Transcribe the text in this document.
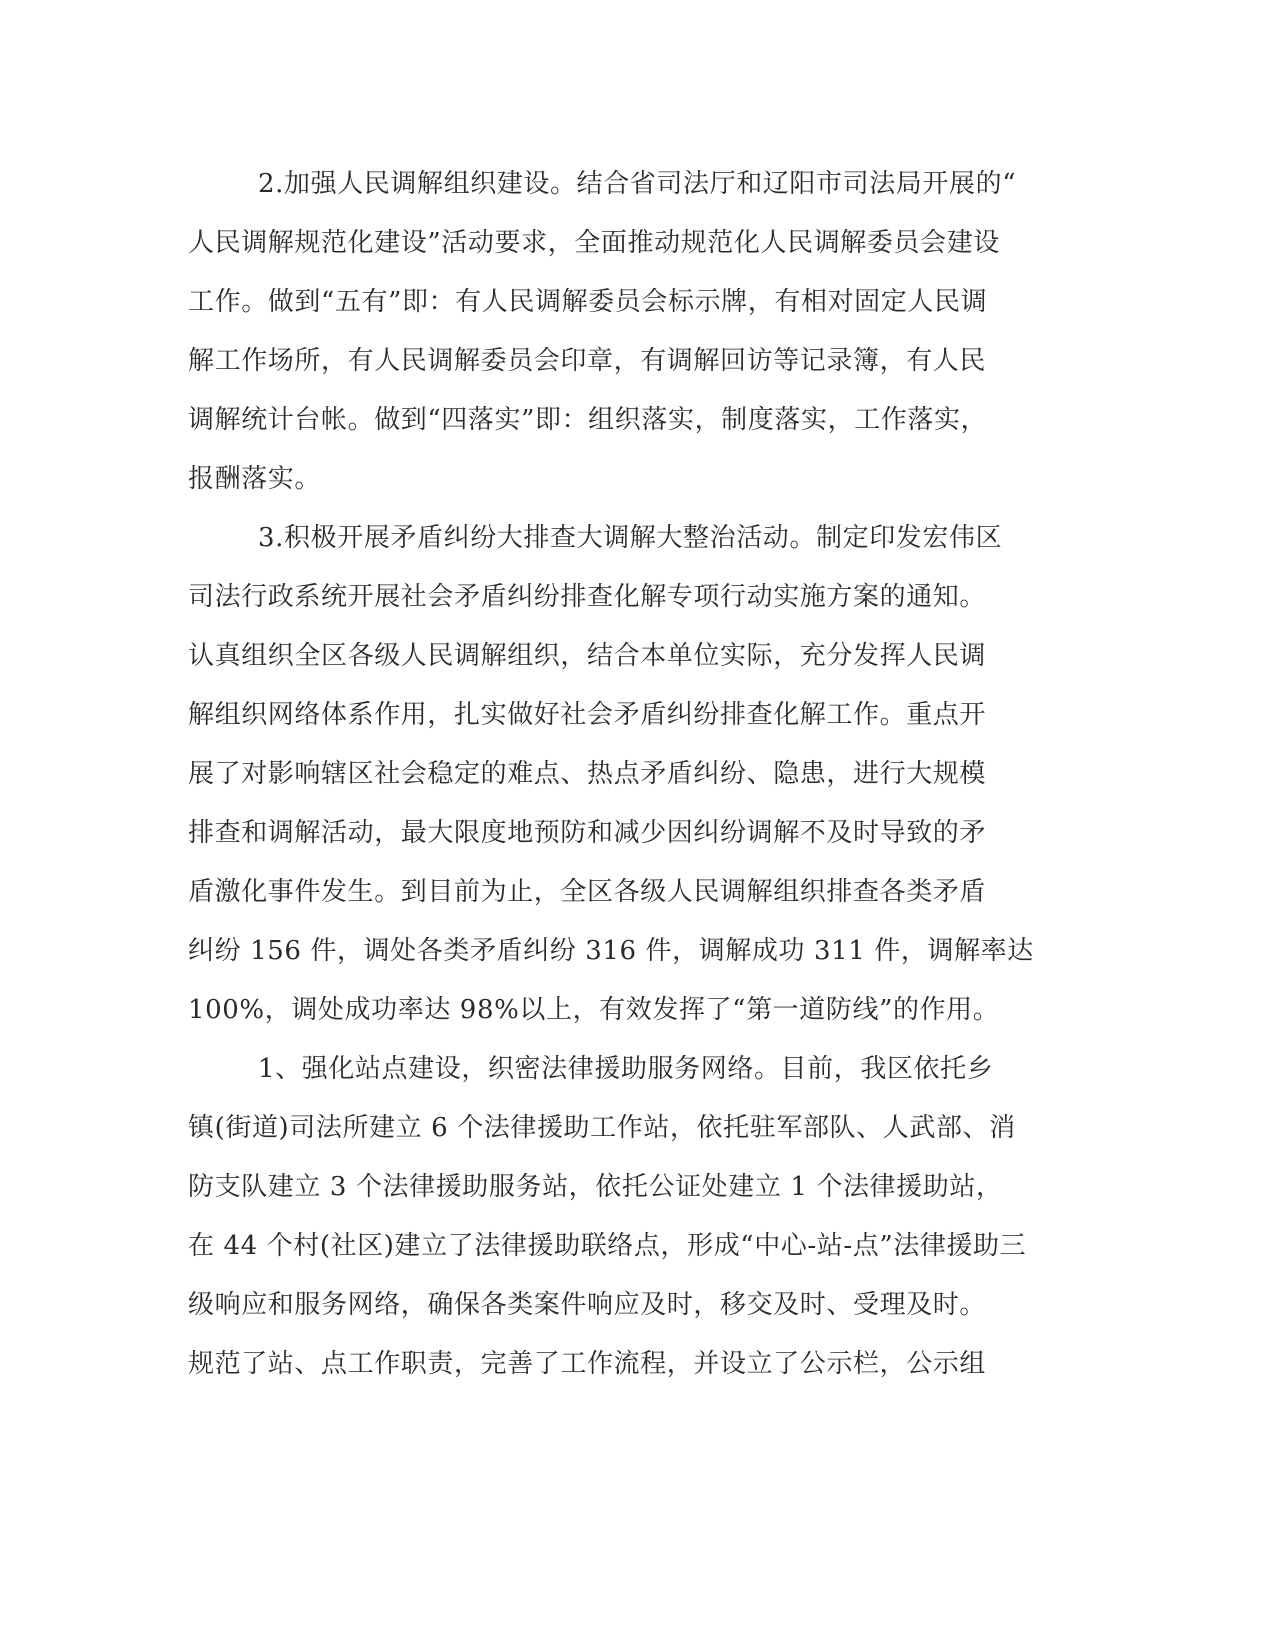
2.加强人民调解组织建设。结合省司法厅和辽阳市司法局开展的“
人民调解规范化建设”活动要求，全面推动规范化人民调解委员会建设
工作。做到“五有”即：有人民调解委员会标示牌，有相对固定人民调
解工作场所，有人民调解委员会印章，有调解回访等记录簿，有人民
调解统计台帐。做到“四落实”即：组织落实，制度落实，工作落实，
报酬落实。
3.积极开展矛盾纠纷大排查大调解大整治活动。制定印发宏伟区
司法行政系统开展社会矛盾纠纷排查化解专项行动实施方案的通知。
认真组织全区各级人民调解组织，结合本单位实际，充分发挥人民调
解组织网络体系作用，扎实做好社会矛盾纠纷排查化解工作。重点开
展了对影响辖区社会稳定的难点、热点矛盾纠纷、隐患，进行大规模
排查和调解活动，最大限度地预防和减少因纠纷调解不及时导致的矛
盾激化事件发生。到目前为止，全区各级人民调解组织排查各类矛盾
纠纷 156 件，调处各类矛盾纠纷 316 件，调解成功 311 件，调解率达
100%，调处成功率达 98%以上，有效发挥了“第一道防线”的作用。
1、强化站点建设，织密法律援助服务网络。目前，我区依托乡
镇(街道)司法所建立 6 个法律援助工作站，依托驻军部队、人武部、消
防支队建立 3 个法律援助服务站，依托公证处建立 1 个法律援助站，
在 44 个村(社区)建立了法律援助联络点，形成“中心-站-点”法律援助三
级响应和服务网络，确保各类案件响应及时，移交及时、受理及时。
规范了站、点工作职责，完善了工作流程，并设立了公示栏，公示组
